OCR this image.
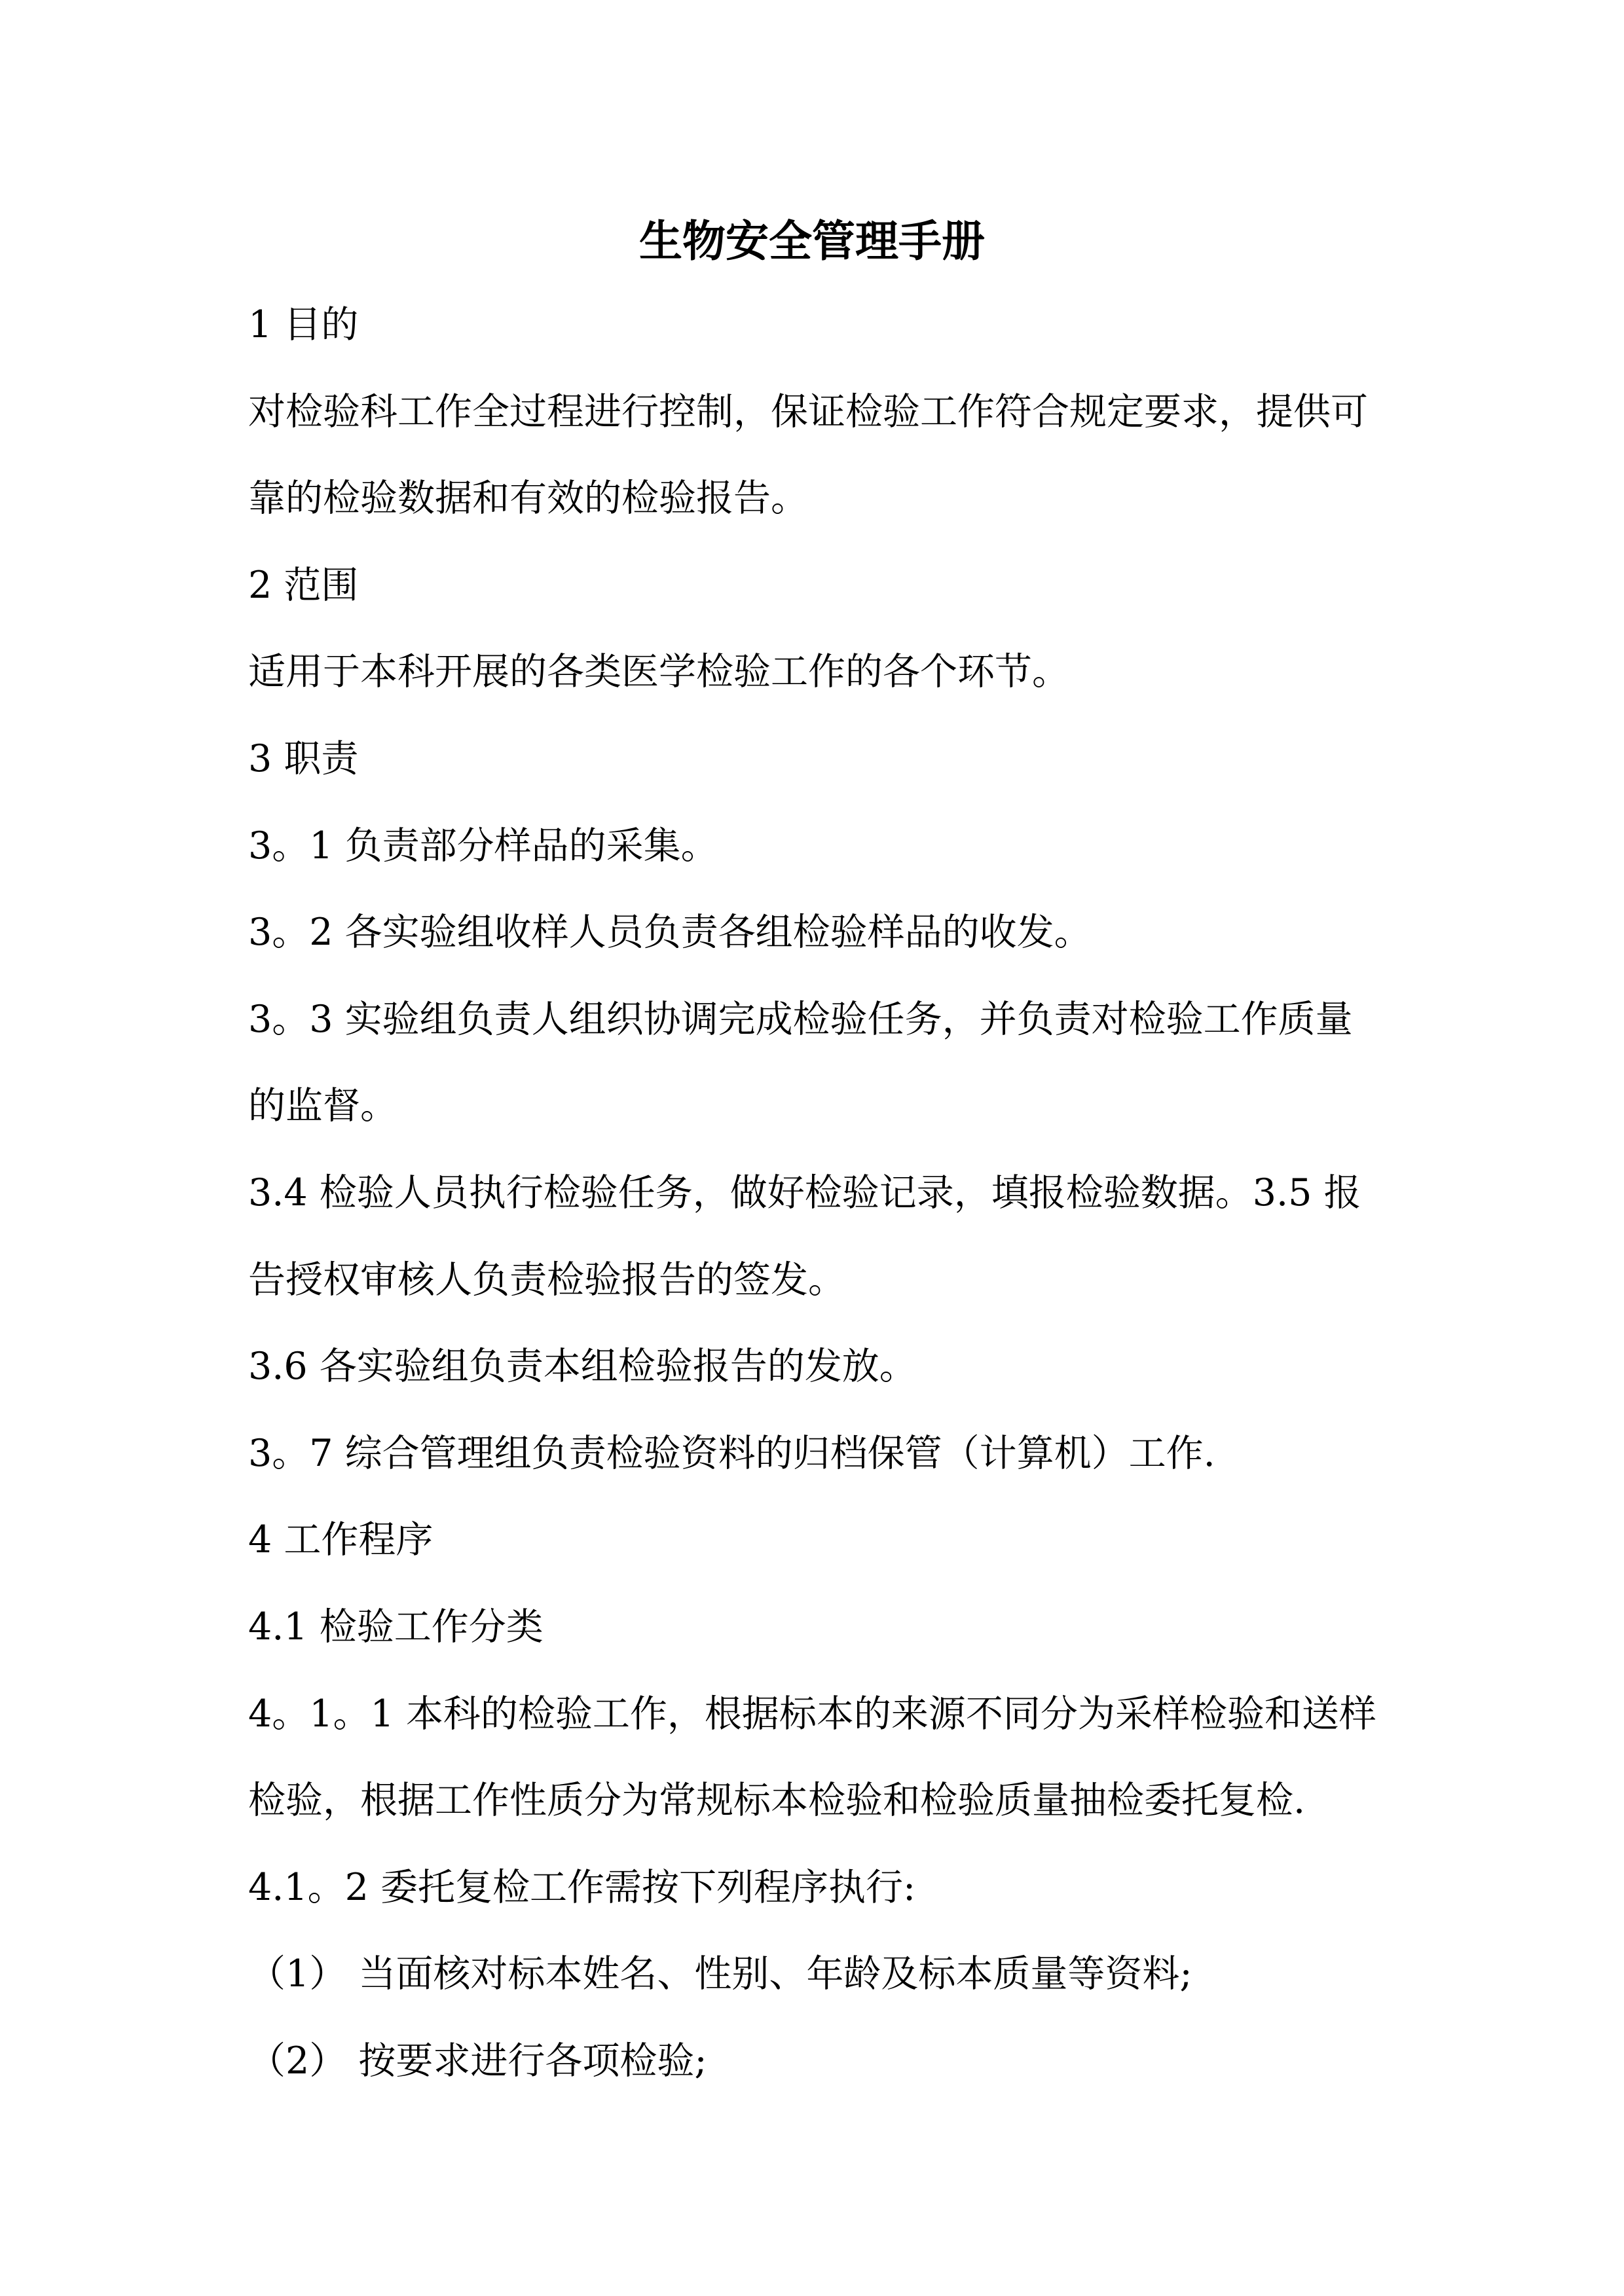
生物安全管理手册
1 目的
对检验科工作全过程进行控制，保证检验工作符合规定要求，提供可
靠的检验数据和有效的检验报告。
2 范围
适用于本科开展的各类医学检验工作的各个环节。
3 职责
3。1 负责部分样品的采集。
3。2 各实验组收样人员负责各组检验样品的收发。
3。3 实验组负责人组织协调完成检验任务，并负责对检验工作质量
的监督。
3.4 检验人员执行检验任务，做好检验记录，填报检验数据。3.5 报
告授权审核人负责检验报告的签发。
3.6 各实验组负责本组检验报告的发放。
3。7 综合管理组负责检验资料的归档保管（计算机）工作.
4 工作程序
4.1 检验工作分类
4。1。1 本科的检验工作，根据标本的来源不同分为采样检验和送样
检验，根据工作性质分为常规标本检验和检验质量抽检委托复检.
4.1。2 委托复检工作需按下列程序执行:
（1） 当面核对标本姓名、性别、年龄及标本质量等资料;
（2） 按要求进行各项检验;
